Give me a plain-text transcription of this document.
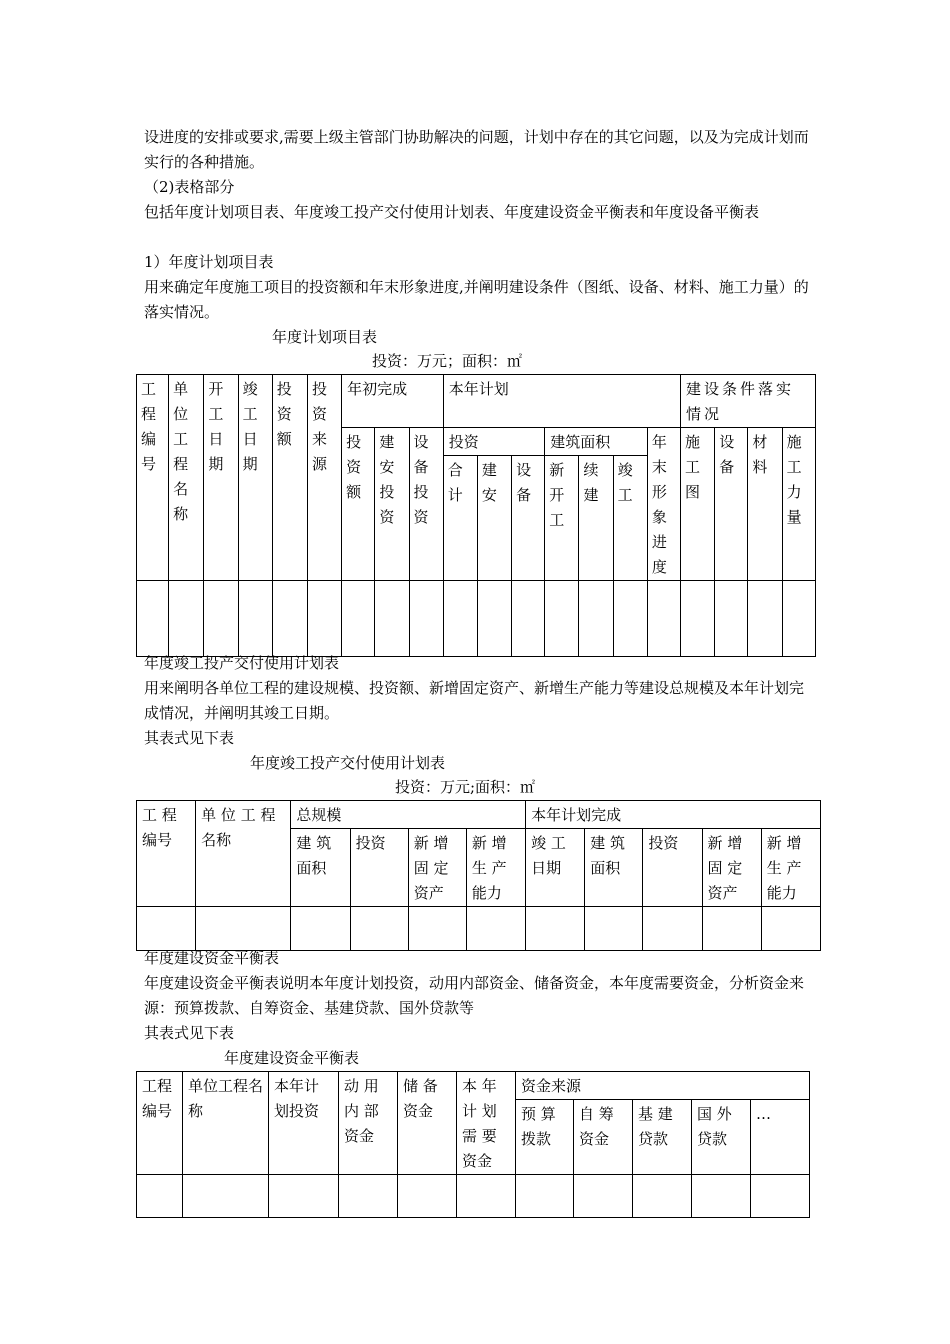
设进度的安排或要求,需要上级主管部门协助解决的问题，计划中存在的其它问题，以及为完成计划而实行的各种措施。

（2)表格部分

包括年度计划项目表、年度竣工投产交付使用计划表、年度建设资金平衡表和年度设备平衡表

1）年度计划项目表

用来确定年度施工项目的投资额和年末形象进度,并阐明建设条件（图纸、设备、材料、施工力量）的落实情况。

年度计划项目表

投资：万元；面积：㎡

工程编号	单位工程名称	开工日期	竣工日期	投资额	投资来源	年初完成			本年计划							建设条件落实情况			
						投资额	建安投资	设备投资	投资			建筑面积			年末形象进度	施工图	设备	材料	施工力量
									合计	建安	设备	新开工	续建	竣工					

年度竣工投产交付使用计划表

用来阐明各单位工程的建设规模、投资额、新增固定资产、新增生产能力等建设总规模及本年计划完成情况，并阐明其竣工日期。

其表式见下表

年度竣工投产交付使用计划表

投资：万元;面积：㎡

工 程编号	单 位 工 程名称	总规模				本年计划完成				
		建 筑面积	投资	新 增固 定资产	新 增生 产能力	竣 工日期	建 筑面积	投资	新 增固 定资产	新 增生 产能力

年度建设资金平衡表

年度建设资金平衡表说明本年度计划投资，动用内部资金、储备资金，本年度需要资金，分析资金来源：预算拨款、自筹资金、基建贷款、国外贷款等

其表式见下表

年度建设资金平衡表

工程编号	单位工程名称	本年计划投资	动 用内 部资金	储 备资金	本 年计 划需 要资金	资金来源				
						预 算拨款	自 筹资金	基 建贷款	国 外贷款	…
